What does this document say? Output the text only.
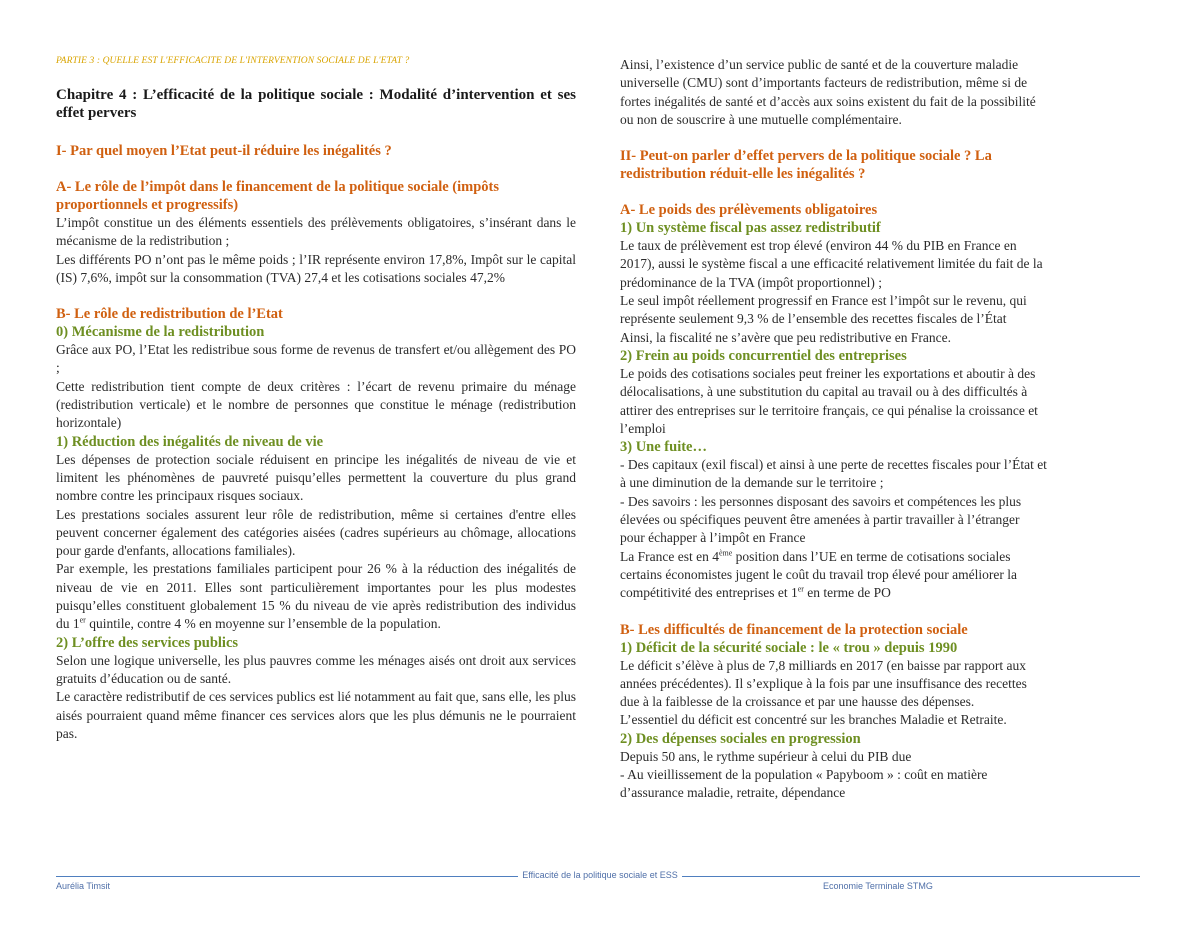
PARTIE 3 : QUELLE EST L'EFFICACITE DE L'INTERVENTION SOCIALE DE L'ETAT ?
Chapitre 4 : L’efficacité de la politique sociale : Modalité d’intervention et ses effet pervers
I- Par quel moyen l’Etat peut-il réduire les inégalités ?
A- Le rôle de l’impôt dans le financement de la politique sociale (impôts proportionnels et progressifs)
L’impôt constitue un des éléments essentiels des prélèvements obligatoires, s’insérant dans le mécanisme de la redistribution ;
Les différents PO n’ont pas le même poids ; l’IR représente environ 17,8%, Impôt sur le capital (IS) 7,6%, impôt sur la consommation (TVA) 27,4 et les cotisations sociales 47,2%
B- Le rôle de redistribution de l’Etat
0) Mécanisme de la redistribution
Grâce aux PO, l’Etat les redistribue sous forme de revenus de transfert et/ou allègement des PO ;
Cette redistribution tient compte de deux critères : l’écart de revenu primaire du ménage (redistribution verticale) et le nombre de personnes que constitue le ménage (redistribution horizontale)
1) Réduction des inégalités de niveau de vie
Les dépenses de protection sociale réduisent en principe les inégalités de niveau de vie et limitent les phénomènes de pauvreté puisqu’elles permettent la couverture du plus grand nombre contre les principaux risques sociaux.
Les prestations sociales assurent leur rôle de redistribution, même si certaines d'entre elles peuvent concerner également des catégories aisées (cadres supérieurs au chômage, allocations pour garde d'enfants, allocations familiales).
Par exemple, les prestations familiales participent pour 26 % à la réduction des inégalités de niveau de vie en 2011. Elles sont particulièrement importantes pour les plus modestes puisqu’elles constituent globalement 15 % du niveau de vie après redistribution des individus du 1er quintile, contre 4 % en moyenne sur l’ensemble de la population.
2) L’offre des services publics
Selon une logique universelle, les plus pauvres comme les ménages aisés ont droit aux services gratuits d’éducation ou de santé.
Le caractère redistributif de ces services publics est lié notamment au fait que, sans elle, les plus aisés pourraient quand même financer ces services alors que les plus démunis ne le pourraient pas.
Ainsi, l’existence d’un service public de santé et de la couverture maladie
universelle (CMU) sont d’importants facteurs de redistribution, même si de
fortes inégalités de santé et d’accès aux soins existent du fait de la possibilité
ou non de souscrire à une mutuelle complémentaire.
II- Peut-on parler d’effet pervers de la politique sociale ? La
redistribution réduit-elle les inégalités ?
A- Le poids des prélèvements obligatoires
1) Un système fiscal pas assez redistributif
Le taux de prélèvement est trop élevé (environ 44 % du PIB en France en
2017), aussi le système fiscal a une efficacité relativement limitée du fait de la
prédominance de la TVA (impôt proportionnel) ;
Le seul impôt réellement progressif en France est l’impôt sur le revenu, qui
représente seulement 9,3 % de l’ensemble des recettes fiscales de l’État
Ainsi, la fiscalité ne s’avère que peu redistributive en France.
2) Frein au poids concurrentiel des entreprises
Le poids des cotisations sociales peut freiner les exportations et aboutir à des
délocalisations, à une substitution du capital au travail ou à des difficultés à
attirer des entreprises sur le territoire français, ce qui pénalise la croissance et
l’emploi
3) Une fuite…
- Des capitaux (exil fiscal) et ainsi à une perte de recettes fiscales pour l’État et
à une diminution de la demande sur le territoire ;
- Des savoirs : les personnes disposant des savoirs et compétences les plus
élevées ou spécifiques peuvent être amenées à partir travailler à l’étranger
pour échapper à l’impôt en France
La France est en 4ème position dans l’UE en terme de cotisations sociales
certains économistes jugent le coût du travail trop élevé pour améliorer la
compétitivité des entreprises et 1er en terme de PO
B- Les difficultés de financement de la protection sociale
1) Déficit de la sécurité sociale : le « trou » depuis 1990
Le déficit s’élève à plus de 7,8 milliards en 2017 (en baisse par rapport aux
années précédentes). Il s’explique à la fois par une insuffisance des recettes
due à la faiblesse de la croissance et par une hausse des dépenses.
L’essentiel du déficit est concentré sur les branches Maladie et Retraite.
2) Des dépenses sociales en progression
Depuis 50 ans, le rythme supérieur à celui du PIB due
- Au vieillissement de la population « Papyboom » : coût en matière
d’assurance maladie, retraite, dépendance
Efficacité de la politique sociale et ESS
Aurélia Timsit	Economie Terminale STMG
